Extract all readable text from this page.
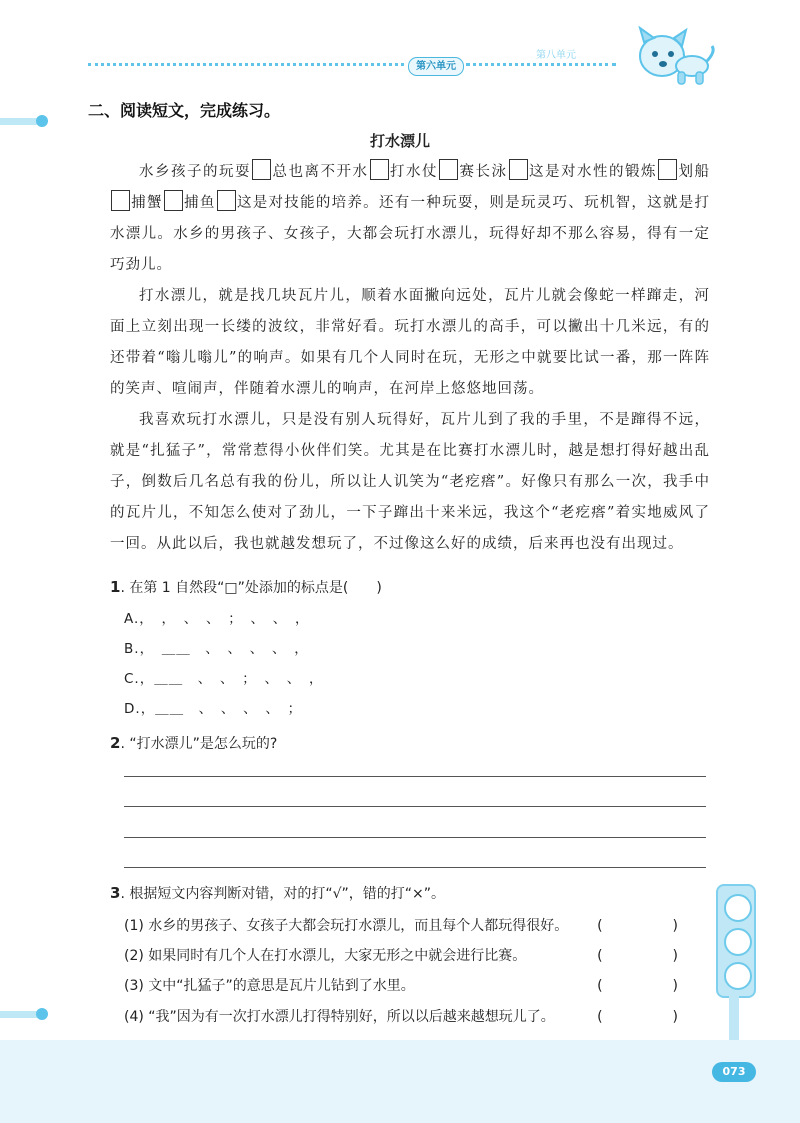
第六单元
第八单元
二、阅读短文，完成练习。
打水漂儿

水乡孩子的玩耍 总也离不开水 打水仗 赛长泳 这是对水性的锻炼 划船 捕蟹 捕鱼 这是对技能的培养。还有一种玩耍，则是玩灵巧、玩机智，这就是打水漂儿。水乡的男孩子、女孩子，大都会玩打水漂儿，玩得好却不那么容易，得有一定巧劲儿。

打水漂儿，就是找几块瓦片儿，顺着水面撇向远处，瓦片儿就会像蛇一样蹿走，河面上立刻出现一长缕的波纹，非常好看。玩打水漂儿的高手，可以撇出十几米远，有的还带着“嗡儿嗡儿”的响声。如果有几个人同时在玩，无形之中就要比试一番，那一阵阵的笑声、喧闹声，伴随着水漂儿的响声，在河岸上悠悠地回荡。

我喜欢玩打水漂儿，只是没有别人玩得好，瓦片儿到了我的手里，不是蹿得不远，就是“扎猛子”，常常惹得小伙伴们笑。尤其是在比赛打水漂儿时，越是想打得好越出乱子，倒数后几名总有我的份儿，所以让人讥笑为“老疙瘩”。好像只有那么一次，我手中的瓦片儿，不知怎么使对了劲儿，一下子蹿出十来米远，我这个“老疙瘩”着实地威风了一回。从此以后，我也就越发想玩了，不过像这么好的成绩，后来再也没有出现过。

1. 在第 1 自然段“□”处添加的标点是(　　)
A.，　，　、　、　；　、　、　，
B.，　＿＿　、　、　、　、　，
C.，＿＿　、　、　；　、　、　，
D.，＿＿　、　、　、　、　；
2. “打水漂儿”是怎么玩的?
3. 根据短文内容判断对错，对的打“√”，错的打“×”。
(1) 水乡的男孩子、女孩子大都会玩打水漂儿，而且每个人都玩得很好。 (　)
(2) 如果同时有几个人在打水漂儿，大家无形之中就会进行比赛。	(　)
(3) 文中“扎猛子”的意思是瓦片儿钻到了水里。	(　)
(4) “我”因为有一次打水漂儿打得特别好，所以以后越来越想玩儿了。	(　)
073
